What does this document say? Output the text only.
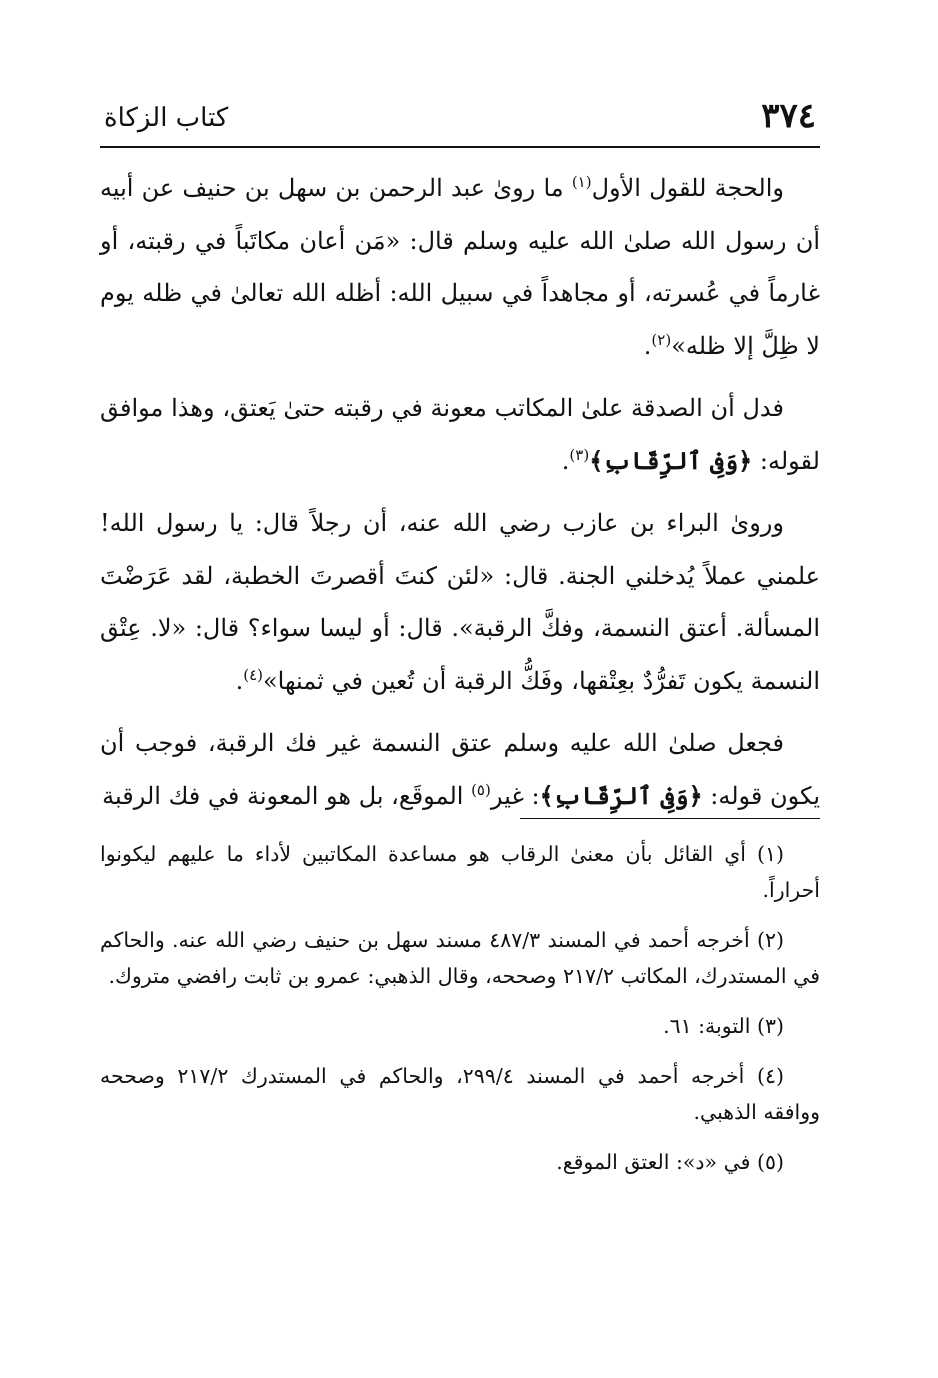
٣٧٤
كتاب الزكاة

والحجة للقول الأول$^{(١)}$ ما رویٰ عبد الرحمن بن سهل بن حنيف عن أبيه أن رسول الله صلىٰ الله عليه وسلم قال: «مَن أعان مكاتَباً في رقبته، أو غارماً في عُسرته، أو مجاهداً في سبيل الله: أظله الله تعالىٰ في ظله يوم لا ظِلَّ إلا ظله»$^{(٢)}$.

فدل أن الصدقة علىٰ المكاتب معونة في رقبته حتىٰ يَعتق، وهذا موافق لقوله: ﴿وَفِى ٱلرِّقَابِ﴾$^{(٣)}$.

وروىٰ البراء بن عازب رضي الله عنه، أن رجلاً قال: يا رسول الله! علمني عملاً يُدخلني الجنة. قال: «لئن كنتَ أقصرتَ الخطبة، لقد عَرَضْتَ المسألة. أعتق النسمة، وفكَّ الرقبة». قال: أو ليسا سواء؟ قال: «لا. عِتْق النسمة يكون تَفرُّدٌ بعِتْقها، وفَكُّ الرقبة أن تُعين في ثمنها»$^{(٤)}$.

فجعل صلىٰ الله عليه وسلم عتق النسمة غير فك الرقبة، فوجب أن يكون قوله: ﴿وَفِى ٱلرِّقَابِ﴾: غير$^{(٥)}$ الموقَع، بل هو المعونة في فك الرقبة

(١) أي القائل بأن معنىٰ الرقاب هو مساعدة المكاتبين لأداء ما عليهم ليكونوا أحراراً.

(٢) أخرجه أحمد في المسند ٤٨٧/٣ مسند سهل بن حنيف رضي الله عنه. والحاكم في المستدرك، المكاتب ٢١٧/٢ وصححه، وقال الذهبي: عمرو بن ثابت رافضي متروك.

(٣) التوبة: ٦١.

(٤) أخرجه أحمد في المسند ٢٩٩/٤، والحاكم في المستدرك ٢١٧/٢ وصححه ووافقه الذهبي.

(٥) في «د»: العتق الموقع.
